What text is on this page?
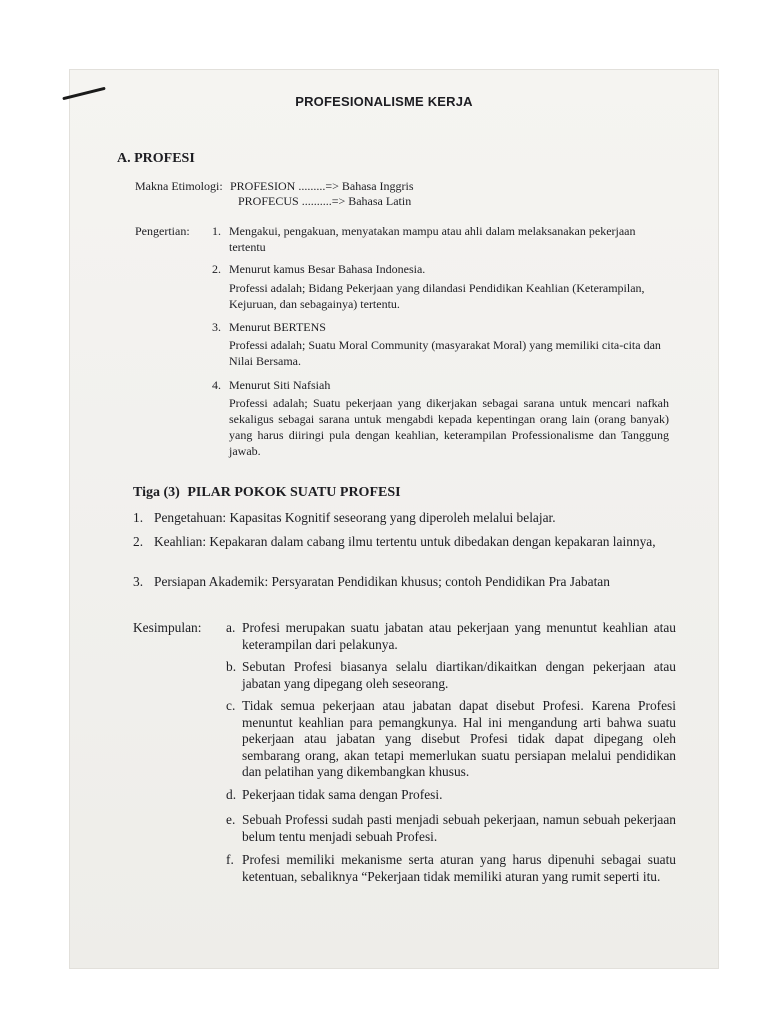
PROFESIONALISME KERJA
A. PROFESI
Makna Etimologi: PROFESION .........=> Bahasa Inggris
PROFECUS ..........=> Bahasa Latin
Pengertian: 1. Mengakui, pengakuan, menyatakan mampu atau ahli dalam melaksanakan pekerjaan tertentu
2. Menurut kamus Besar Bahasa Indonesia.
Professi adalah; Bidang Pekerjaan yang dilandasi Pendidikan Keahlian (Keterampilan, Kejuruan, dan sebagainya) tertentu.
3. Menurut BERTENS
Professi adalah; Suatu Moral Community (masyarakat Moral) yang memiliki cita-cita dan Nilai Bersama.
4. Menurut Siti Nafsiah
Professi adalah; Suatu pekerjaan yang dikerjakan sebagai sarana untuk mencari nafkah sekaligus sebagai sarana untuk mengabdi kepada kepentingan orang lain (orang banyak) yang harus diiringi pula dengan keahlian, keterampilan Professionalisme dan Tanggung jawab.
Tiga (3) PILAR POKOK SUATU PROFESI
1. Pengetahuan: Kapasitas Kognitif seseorang yang diperoleh melalui belajar.
2. Keahlian: Kepakaran dalam cabang ilmu tertentu untuk dibedakan dengan kepakaran lainnya,
3. Persiapan Akademik: Persyaratan Pendidikan khusus; contoh Pendidikan Pra Jabatan
Kesimpulan: a. Profesi merupakan suatu jabatan atau pekerjaan yang menuntut keahlian atau keterampilan dari pelakunya.
b. Sebutan Profesi biasanya selalu diartikan/dikaitkan dengan pekerjaan atau jabatan yang dipegang oleh seseorang.
c. Tidak semua pekerjaan atau jabatan dapat disebut Profesi. Karena Profesi menuntut keahlian para pemangkunya. Hal ini mengandung arti bahwa suatu pekerjaan atau jabatan yang disebut Profesi tidak dapat dipegang oleh sembarang orang, akan tetapi memerlukan suatu persiapan melalui pendidikan dan pelatihan yang dikembangkan khusus.
d. Pekerjaan tidak sama dengan Profesi.
e. Sebuah Professi sudah pasti menjadi sebuah pekerjaan, namun sebuah pekerjaan belum tentu menjadi sebuah Profesi.
f. Profesi memiliki mekanisme serta aturan yang harus dipenuhi sebagai suatu ketentuan, sebaliknya “Pekerjaan tidak memiliki aturan yang rumit seperti itu.
